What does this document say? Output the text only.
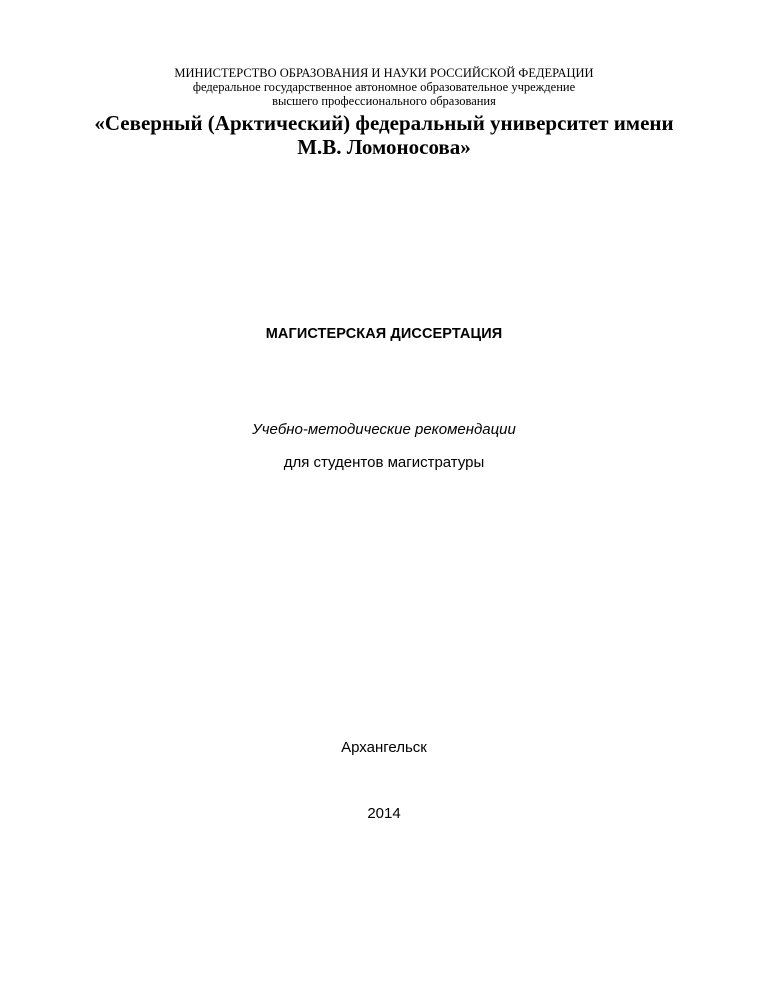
МИНИСТЕРСТВО ОБРАЗОВАНИЯ И НАУКИ РОССИЙСКОЙ ФЕДЕРАЦИИ
федеральное государственное автономное образовательное учреждение
высшего профессионального образования
«Северный (Арктический) федеральный университет имени
М.В. Ломоносова»
МАГИСТЕРСКАЯ ДИССЕРТАЦИЯ
Учебно-методические рекомендации
для студентов магистратуры
Архангельск
2014
